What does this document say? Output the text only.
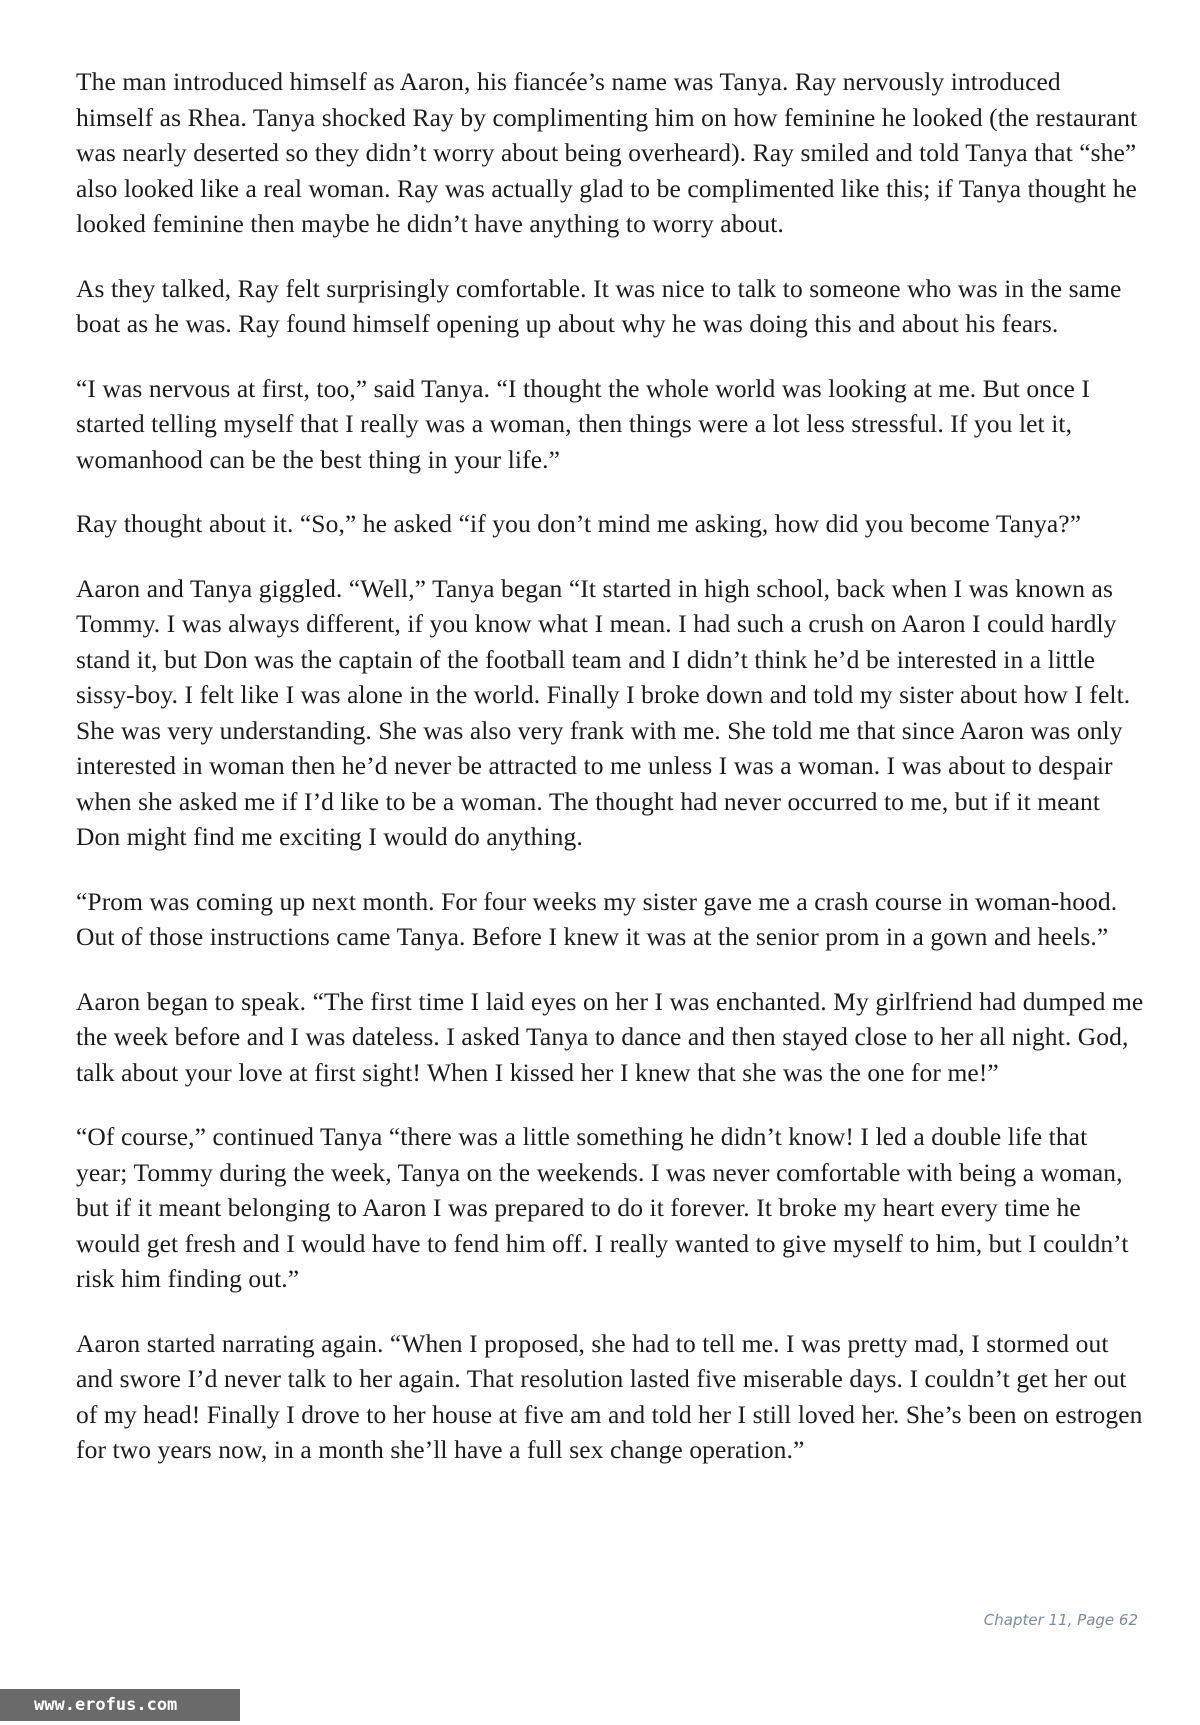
The man introduced himself as Aaron, his fiancée’s name was Tanya. Ray nervously introduced himself as Rhea. Tanya shocked Ray by complimenting him on how feminine he looked (the restaurant was nearly deserted so they didn’t worry about being overheard). Ray smiled and told Tanya that “she” also looked like a real woman. Ray was actually glad to be complimented like this; if Tanya thought he looked feminine then maybe he didn’t have anything to worry about.

As they talked, Ray felt surprisingly comfortable. It was nice to talk to someone who was in the same boat as he was. Ray found himself opening up about why he was doing this and about his fears.

“I was nervous at first, too,” said Tanya. “I thought the whole world was looking at me. But once I started telling myself that I really was a woman, then things were a lot less stressful. If you let it, womanhood can be the best thing in your life.”

Ray thought about it. “So,” he asked “if you don’t mind me asking, how did you become Tanya?”

Aaron and Tanya giggled. “Well,” Tanya began “It started in high school, back when I was known as Tommy. I was always different, if you know what I mean. I had such a crush on Aaron I could hardly stand it, but Don was the captain of the football team and I didn’t think he’d be interested in a little sissy-boy. I felt like I was alone in the world. Finally I broke down and told my sister about how I felt. She was very understanding. She was also very frank with me. She told me that since Aaron was only interested in woman then he’d never be attracted to me unless I was a woman. I was about to despair when she asked me if I’d like to be a woman. The thought had never occurred to me, but if it meant Don might find me exciting I would do anything.

“Prom was coming up next month. For four weeks my sister gave me a crash course in woman-hood. Out of those instructions came Tanya. Before I knew it was at the senior prom in a gown and heels.”

Aaron began to speak. “The first time I laid eyes on her I was enchanted. My girlfriend had dumped me the week before and I was dateless. I asked Tanya to dance and then stayed close to her all night. God, talk about your love at first sight! When I kissed her I knew that she was the one for me!”

“Of course,” continued Tanya “there was a little something he didn’t know! I led a double life that year; Tommy during the week, Tanya on the weekends. I was never comfortable with being a woman, but if it meant belonging to Aaron I was prepared to do it forever. It broke my heart every time he would get fresh and I would have to fend him off. I really wanted to give myself to him, but I couldn’t risk him finding out.”

Aaron started narrating again. “When I proposed, she had to tell me. I was pretty mad, I stormed out and swore I’d never talk to her again. That resolution lasted five miserable days. I couldn’t get her out of my head! Finally I drove to her house at five am and told her I still loved her. She’s been on estrogen for two years now, in a month she’ll have a full sex change operation.”

Chapter 11, Page 62
www.erofus.com
